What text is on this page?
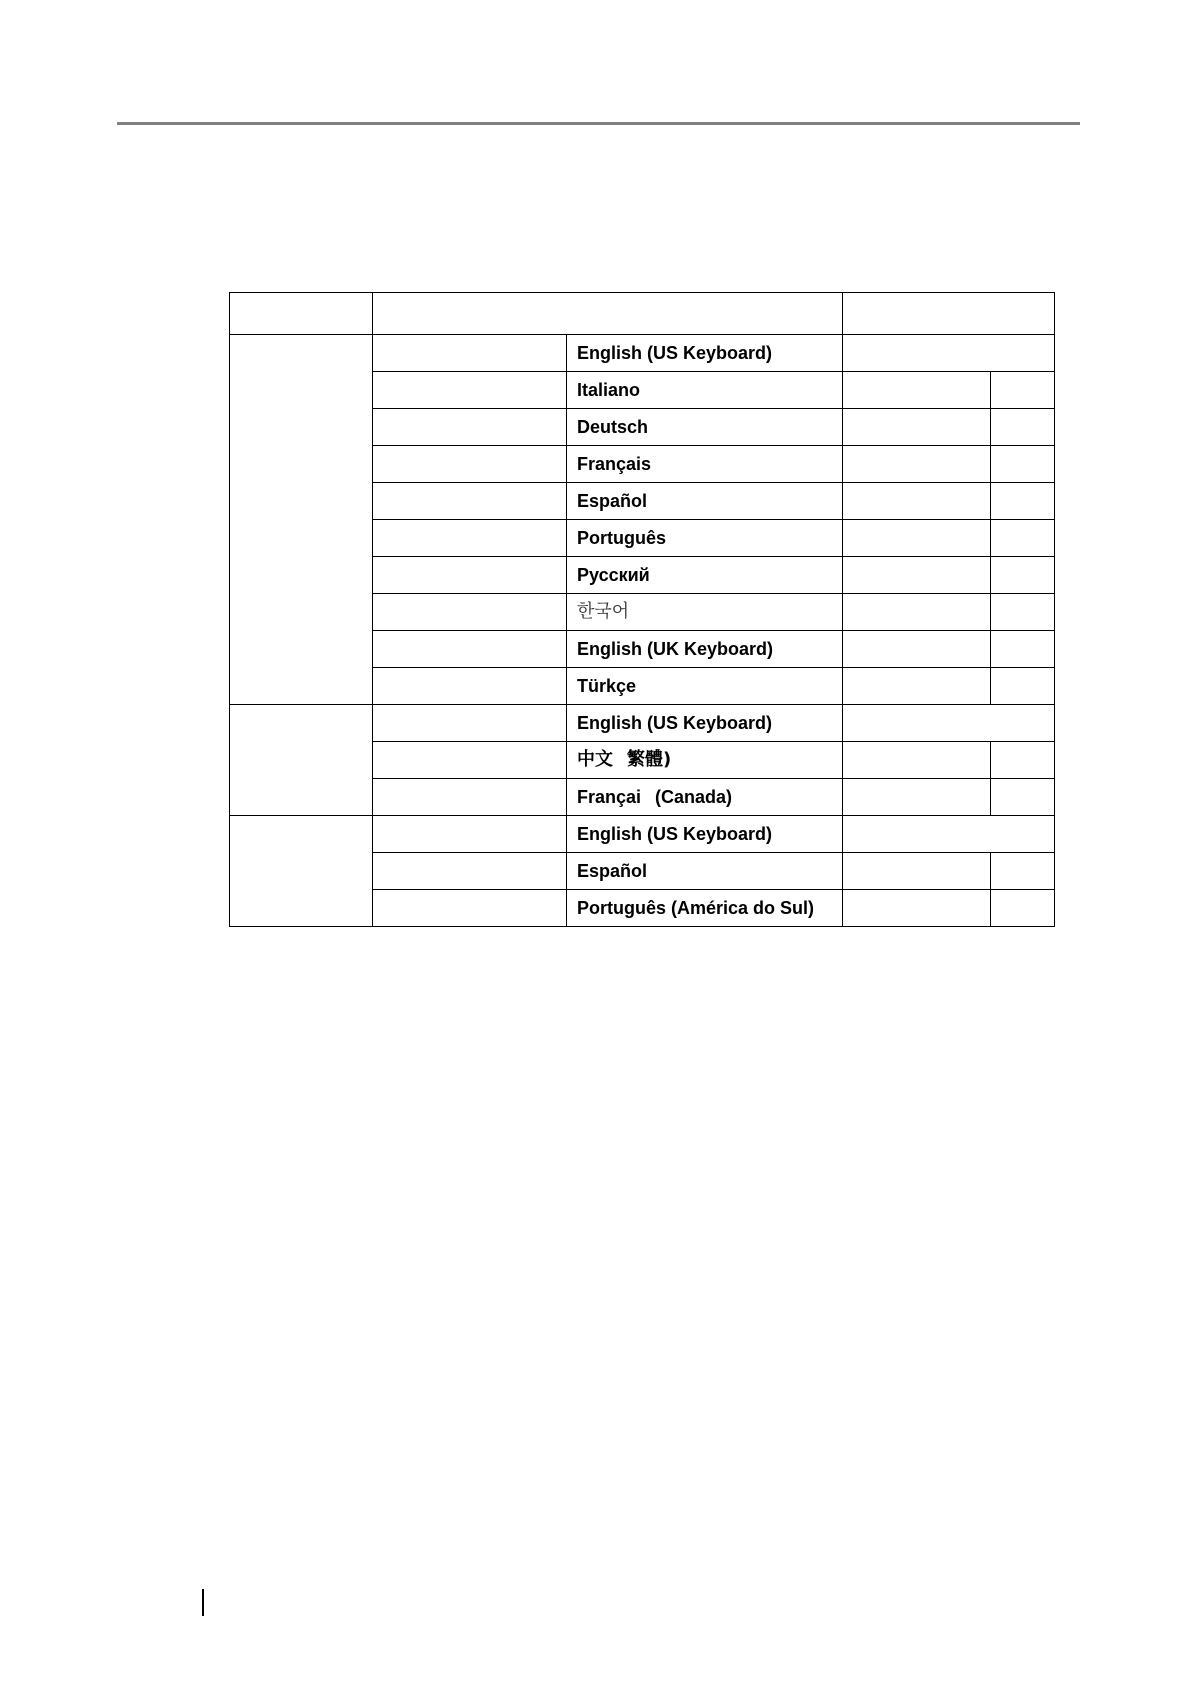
		English (US Keyboard)		
		Italiano		
		Deutsch		
		Français		
		Español		
		Português		
		Русский		
		한국어		
		English (UK Keyboard)		
		Türkçe		
		English (US Keyboard)		
		中文 繁體)		
		Françai (Canada)		
		English (US Keyboard)		
		Español		
		Português (América do Sul)		
